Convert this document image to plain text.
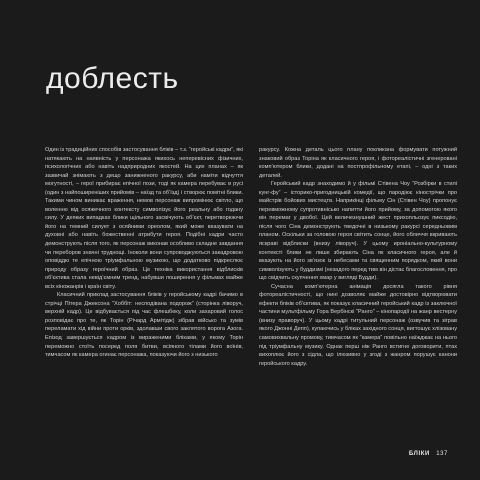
доблесть

Один із традиційних способів застосування бліків – т.з. “геройські кадри”, які натякають на наявність у персонажа якихось неперевісних фізичних, психологічних або навіть надприродних якостей. На цих планах – як зазвичай знімають з дещо занижненого ракурсу, аби наміти відчуття могутності, – герої прибирає епічної пози, тоді як камера перебуває в русі (один з найпоширеніших прийомів – наїзд та об’їзд) і створює помітні блики. Такими чином виникає враження, немов персонаж випромінює світло, що воленню від осяжечного контексту символізує його реальну або годану силу. У деяких випадках блики щільного засвічують об’єкт, перетворюючи його на темний силует з осяйними ореолом, який може вказувати на духовні або навіть божественні атрибути героя. Подібні кадри часто демонструють після того, як персонаж виконав особливо складне завдання чи переборов значні труднощі. Іноколи вони супроводжуються закадровою оповіддю те епічною тріумфальною музикою, що додатково підкреслює природу образу героїчний образ. Це техніка використання відблисків об’єктива стала невід’ємним тренд, набувши поширення у фільмах майже всіх кіножанрів і країн світу.

Класичний приклад застосування бліків у геройському кадрі бачимо в стрічці Пітера Джексона “Хоббіт: несподівана подорож” (сторінка ліворуч, верхній кадр). Це відбувається під час флешбеку, коли захаровий голос розповідає про те, як Торін (Річард Армітідж) зібрав військо та зумів переламати хід війни проти орків, здолавши свого заклятого ворога Азога. Епізод завершується кадром із вираженими бліками, у якому Торін переможно стоїть посеред поля битви, всіяного тілами його воїнів, тимчасом як камера огинає персонажа, показуючи його з низького

ракурсу. Кожна деталь цього плану покликана формувати потужний знаковий образ Торіна як класичного героя, і фотореалістичні згенеровані комп’ютером блики, додані на постпрофільному етапі, – одні з таких деталей.

Геройський кадр знаходимо й у фільмі Стівена Чоу “Розбірки в стилі кунг-фу” – історико-пригодницькій комедії, що пародіює кінострічки про майстрів бойових мистецтв. Наприкінці фільму Сін (Стівен Чоу) пропонує перевможному супротивнісько напитти його прийому, за допомогою якого він перемаг у двобої. Цей величезнушний жест прихопльозує пиксодію, після чого Сіна демонструють тведочні в низькому ракурсі середньовим планом. Оскільки за головою героя світить сонце, його обличчя вкривають яскраві відблиски (внизу ліворуч). У цьому ироніально-культурному контексті блики не лише збирають Сіна як класичного героя, але й вказують на його зв’язок із небесами та священним порядком, який вони символізують у буддизмі (незадого перед тим він дістає благословення, про що свідчить скупчення хмар у вигляді Будди).

Сучасна комп’ютерна анімація досягла такого рівня фотореалістичності, що нині дозволяє майже достовірно відтворювати ефекти бліків об’єктива, як показує класичний геройський кадр із заключної частини мультфільму Гора Вербінскі “Ранго” – кінопародії на жанр вестерну (внизу праворуч). У цьому кадрі титульний персонаж (озвучив та зіграв якого Джонні Депп), купаючись у бліках західного сонця, вигтошує хлізовану самовихвальну промову, тимчасом як “камера” повільно наїжджає на нього під тріумфальну музику. Однак перш ніж Ранго встигне договорити, птах вихоплює його з сідла, що ілюзивно у згоді з жанром порушує канони геройського кадру.

БЛІКИ 137
